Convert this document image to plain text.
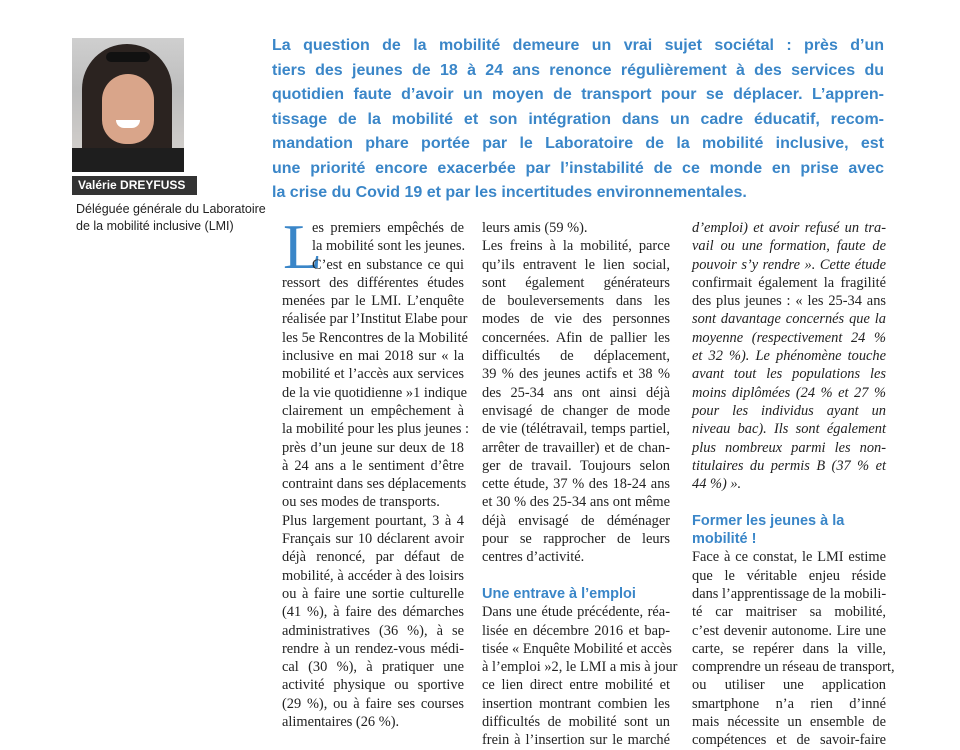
Valérie DREYFUSS
Déléguée générale du Laboratoire
de la mobilité inclusive (LMI)
La question de la mobilité demeure un vrai sujet sociétal : près d’un
tiers des jeunes de 18 à 24 ans renonce régulièrement à des services du
quotidien faute d’avoir un moyen de transport pour se déplacer. L’appren-
tissage de la mobilité et son intégration dans un cadre éducatif, recom-
mandation phare portée par le Laboratoire de la mobilité inclusive, est
une priorité encore exacerbée par l’instabilité de ce monde en prise avec
la crise du Covid 19 et par les incertitudes environnementales.
L
es premiers empêchés de
la mobilité sont les jeunes.
C’est en substance ce qui
ressort des différentes études
menées par le LMI. L’enquête
réalisée par l’Institut Elabe pour
les 5e Rencontres de la Mobilité
inclusive en mai 2018 sur « la
mobilité et l’accès aux services
de la vie quotidienne »1 indique
clairement un empêchement à
la mobilité pour les plus jeunes :
près d’un jeune sur deux de 18
à 24 ans a le sentiment d’être
contraint dans ses déplacements
ou ses modes de transports.
Plus largement pourtant, 3 à 4
Français sur 10 déclarent avoir
déjà renoncé, par défaut de
mobilité, à accéder à des loisirs
ou à faire une sortie culturelle
(41 %), à faire des démarches
administratives (36 %), à se
rendre à un rendez-vous médi-
cal (30 %), à pratiquer une
activité physique ou sportive
(29 %), ou à faire ses courses
alimentaires (26 %).
leurs amis (59 %).
Les freins à la mobilité, parce
qu’ils entravent le lien social,
sont également générateurs
de bouleversements dans les
modes de vie des personnes
concernées. Afin de pallier les
difficultés de déplacement,
39 % des jeunes actifs et 38 %
des 25-34 ans ont ainsi déjà
envisagé de changer de mode
de vie (télétravail, temps partiel,
arrêter de travailler) et de chan-
ger de travail. Toujours selon
cette étude, 37 % des 18-24 ans
et 30 % des 25-34 ans ont même
déjà envisagé de déménager
pour se rapprocher de leurs
centres d’activité.
Une entrave à l’emploi
Dans une étude précédente, réa-
lisée en décembre 2016 et bap-
tisée « Enquête Mobilité et accès
à l’emploi »2, le LMI a mis à jour
ce lien direct entre mobilité et
insertion montrant combien les
difficultés de mobilité sont un
frein à l’insertion sur le marché
d’emploi) et avoir refusé un tra-
vail ou une formation, faute de
pouvoir s’y rendre ». Cette étude
confirmait également la fragilité
des plus jeunes : « les 25-34 ans
sont davantage concernés que la
moyenne (respectivement 24 %
et 32 %). Le phénomène touche
avant tout les populations les
moins diplômées (24 % et 27 %
pour les individus ayant un
niveau bac). Ils sont également
plus nombreux parmi les non-
titulaires du permis B (37 % et
44 %) ».
Former les jeunes à la
mobilité !
Face à ce constat, le LMI estime
que le véritable enjeu réside
dans l’apprentissage de la mobili-
té car maitriser sa mobilité,
c’est devenir autonome. Lire une
carte, se repérer dans la ville,
comprendre un réseau de transport,
ou utiliser une application
smartphone n’a rien d’inné
mais nécessite un ensemble de
compétences et de savoir-faire
